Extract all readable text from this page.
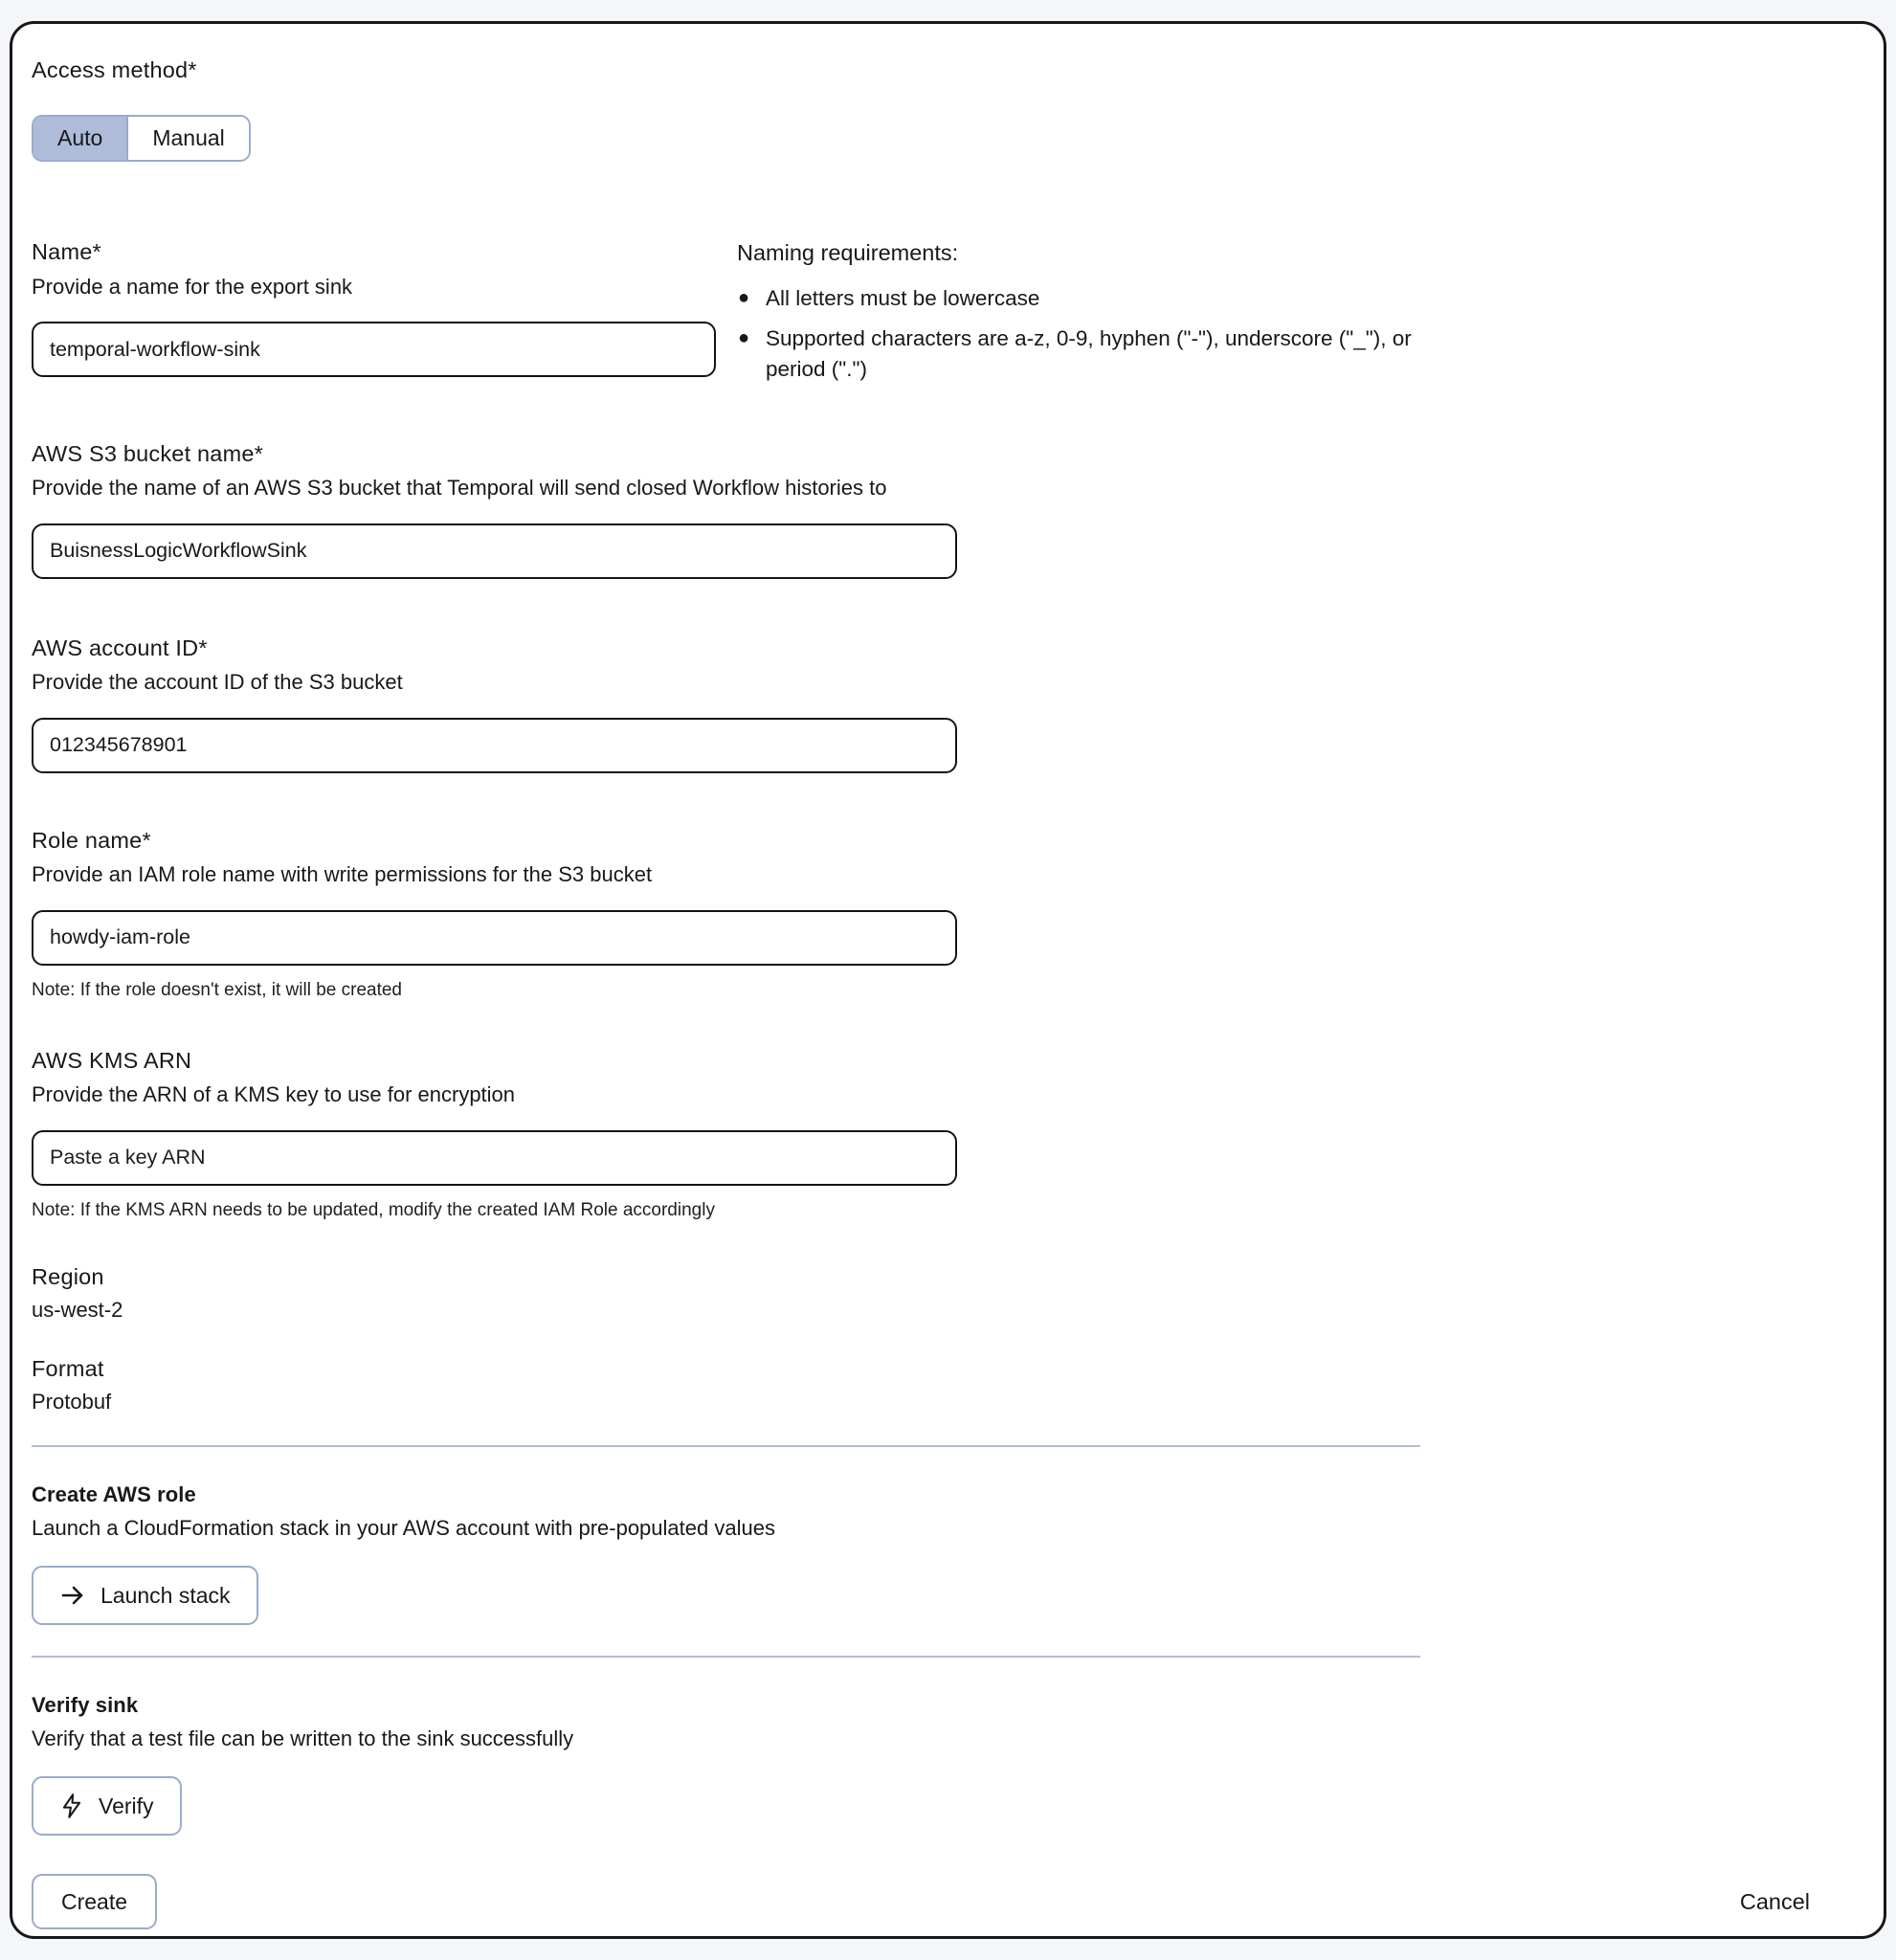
Access method*
Auto	Manual
Name*
Provide a name for the export sink
temporal-workflow-sink
Naming requirements:
●︎ All letters must be lowercase
●︎ Supported characters are a-z, 0-9, hyphen ("-"), underscore ("_"), or period (".")
AWS S3 bucket name*
Provide the name of an AWS S3 bucket that Temporal will send closed Workflow histories to
BuisnessLogicWorkflowSink
AWS account ID*
Provide the account ID of the S3 bucket
012345678901
Role name*
Provide an IAM role name with write permissions for the S3 bucket
howdy-iam-role
Note: If the role doesn't exist, it will be created
AWS KMS ARN
Provide the ARN of a KMS key to use for encryption
Paste a key ARN
Note: If the KMS ARN needs to be updated, modify the created IAM Role accordingly
Region
us-west-2
Format
Protobuf
Create AWS role
Launch a CloudFormation stack in your AWS account with pre-populated values
Launch stack
Verify sink
Verify that a test file can be written to the sink successfully
Verify
Create	Cancel
